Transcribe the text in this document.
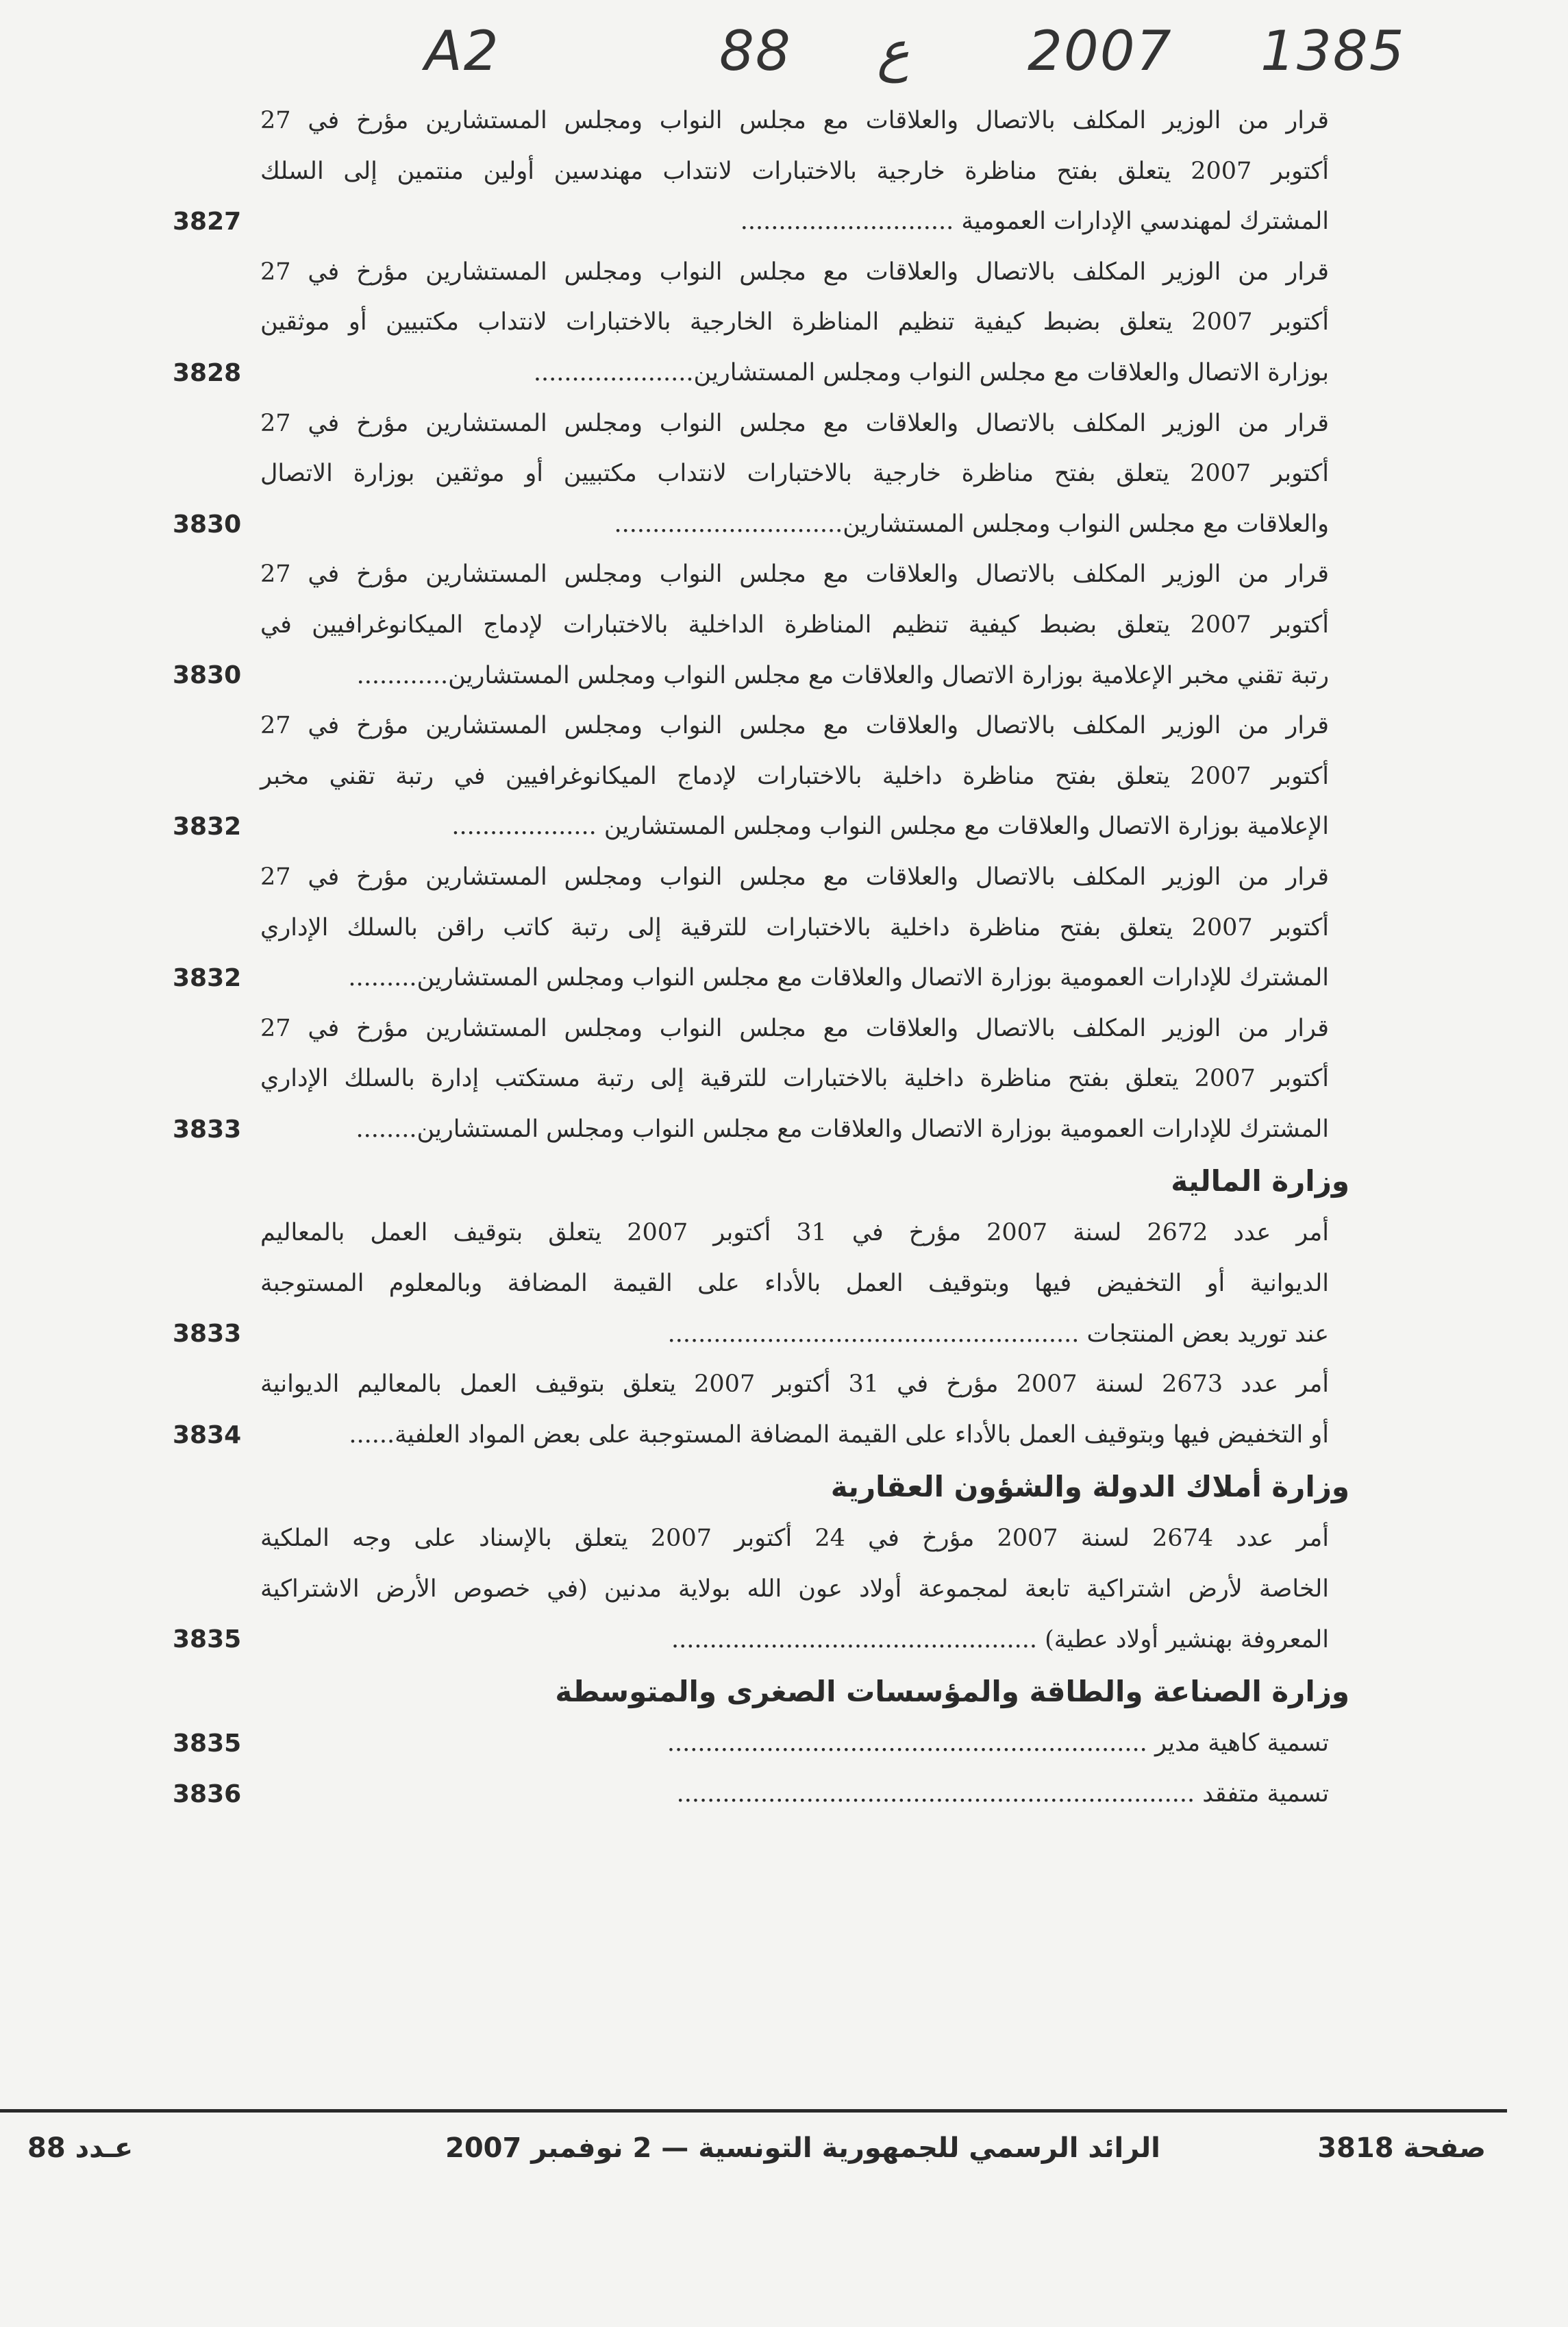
A2	88 ع 2007 1385
قرار من الوزير المكلف بالاتصال والعلاقات مع مجلس النواب ومجلس المستشارين مؤرخ في 27
أكتوبر 2007 يتعلق بفتح مناظرة خارجية بالاختبارات لانتداب مهندسين أولين منتمين إلى السلك
المشترك لمهندسي الإدارات العمومية ............................
3827
قرار من الوزير المكلف بالاتصال والعلاقات مع مجلس النواب ومجلس المستشارين مؤرخ في 27
أكتوبر 2007 يتعلق بضبط كيفية تنظيم المناظرة الخارجية بالاختبارات لانتداب مكتبيين أو موثقين
بوزارة الاتصال والعلاقات مع مجلس النواب ومجلس المستشارين.....................
3828
قرار من الوزير المكلف بالاتصال والعلاقات مع مجلس النواب ومجلس المستشارين مؤرخ في 27
أكتوبر 2007 يتعلق بفتح مناظرة خارجية بالاختبارات لانتداب مكتبيين أو موثقين بوزارة الاتصال
والعلاقات مع مجلس النواب ومجلس المستشارين..............................
3830
قرار من الوزير المكلف بالاتصال والعلاقات مع مجلس النواب ومجلس المستشارين مؤرخ في 27
أكتوبر 2007 يتعلق بضبط كيفية تنظيم المناظرة الداخلية بالاختبارات لإدماج الميكانوغرافيين في
رتبة تقني مخبر الإعلامية بوزارة الاتصال والعلاقات مع مجلس النواب ومجلس المستشارين............
3830
قرار من الوزير المكلف بالاتصال والعلاقات مع مجلس النواب ومجلس المستشارين مؤرخ في 27
أكتوبر 2007 يتعلق بفتح مناظرة داخلية بالاختبارات لإدماج الميكانوغرافيين في رتبة تقني مخبر
الإعلامية بوزارة الاتصال والعلاقات مع مجلس النواب ومجلس المستشارين ...................
3832
قرار من الوزير المكلف بالاتصال والعلاقات مع مجلس النواب ومجلس المستشارين مؤرخ في 27
أكتوبر 2007 يتعلق بفتح مناظرة داخلية بالاختبارات للترقية إلى رتبة كاتب راقن بالسلك الإداري
المشترك للإدارات العمومية بوزارة الاتصال والعلاقات مع مجلس النواب ومجلس المستشارين.........
3832
قرار من الوزير المكلف بالاتصال والعلاقات مع مجلس النواب ومجلس المستشارين مؤرخ في 27
أكتوبر 2007 يتعلق بفتح مناظرة داخلية بالاختبارات للترقية إلى رتبة مستكتب إدارة بالسلك الإداري
المشترك للإدارات العمومية بوزارة الاتصال والعلاقات مع مجلس النواب ومجلس المستشارين........
3833
وزارة المالية
أمر عدد 2672 لسنة 2007 مؤرخ في 31 أكتوبر 2007 يتعلق بتوقيف العمل بالمعاليم
الديوانية أو التخفيض فيها وبتوقيف العمل بالأداء على القيمة المضافة وبالمعلوم المستوجبة
عند توريد بعض المنتجات ......................................................
3833
أمر عدد 2673 لسنة 2007 مؤرخ في 31 أكتوبر 2007 يتعلق بتوقيف العمل بالمعاليم الديوانية
أو التخفيض فيها وبتوقيف العمل بالأداء على القيمة المضافة المستوجبة على بعض المواد العلفية......
3834
وزارة أملاك الدولة والشؤون العقارية
أمر عدد 2674 لسنة 2007 مؤرخ في 24 أكتوبر 2007 يتعلق بالإسناد على وجه الملكية
الخاصة لأرض اشتراكية تابعة لمجموعة أولاد عون الله بولاية مدنين (في خصوص الأرض الاشتراكية
المعروفة بهنشير أولاد عطية) ................................................
3835
وزارة الصناعة والطاقة والمؤسسات الصغرى والمتوسطة
تسمية كاهية مدير ...............................................................
3835
تسمية متفقد ....................................................................
3836
صفحة 3818
الرائد الرسمي للجمهورية التونسية — 2 نوفمبر 2007
عـدد 88
